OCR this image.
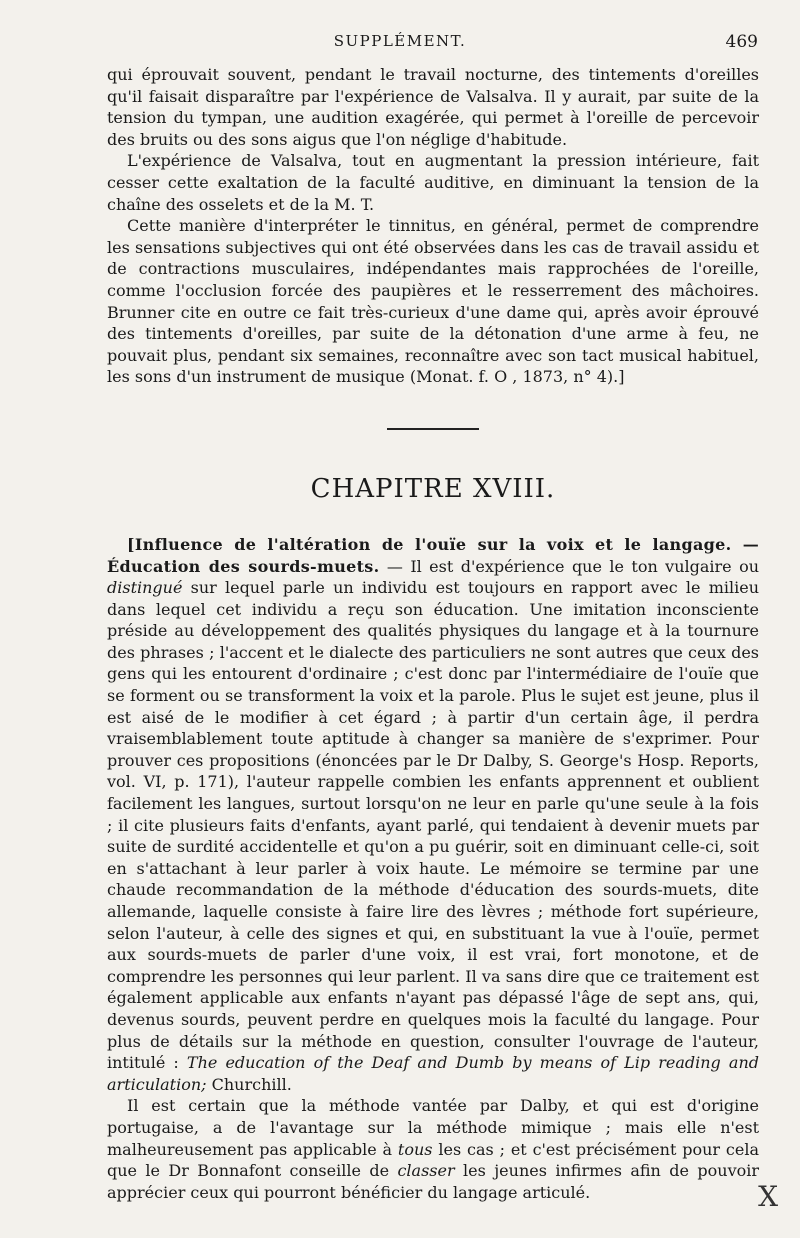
SUPPLÉMENT.	469

qui éprouvait souvent, pendant le travail nocturne, des tintements d'oreilles qu'il faisait disparaître par l'expérience de Valsalva. Il y aurait, par suite de la tension du tympan, une audition exagérée, qui permet à l'oreille de percevoir des bruits ou des sons aigus que l'on néglige d'habitude.

L'expérience de Valsalva, tout en augmentant la pression intérieure, fait cesser cette exaltation de la faculté auditive, en diminuant la tension de la chaîne des osselets et de la M. T.

Cette manière d'interpréter le tinnitus, en général, permet de comprendre les sensations subjectives qui ont été observées dans les cas de travail assidu et de contractions musculaires, indépendantes mais rapprochées de l'oreille, comme l'occlusion forcée des paupières et le resserrement des mâchoires. Brunner cite en outre ce fait très-curieux d'une dame qui, après avoir éprouvé des tintements d'oreilles, par suite de la détonation d'une arme à feu, ne pouvait plus, pendant six semaines, reconnaître avec son tact musical habituel, les sons d'un instrument de musique (Monat. f. O , 1873, n° 4).]

CHAPITRE XVIII.

[Influence de l'altération de l'ouïe sur la voix et le langage. — Éducation des sourds-muets. — Il est d'expérience que le ton vulgaire ou distingué sur lequel parle un individu est toujours en rapport avec le milieu dans lequel cet individu a reçu son éducation. Une imitation inconsciente préside au développement des qualités physiques du langage et à la tournure des phrases ; l'accent et le dialecte des particuliers ne sont autres que ceux des gens qui les entourent d'ordinaire ; c'est donc par l'intermédiaire de l'ouïe que se forment ou se transforment la voix et la parole. Plus le sujet est jeune, plus il est aisé de le modifier à cet égard ; à partir d'un certain âge, il perdra vraisemblablement toute aptitude à changer sa manière de s'exprimer. Pour prouver ces propositions (énoncées par le Dr Dalby, S. George's Hosp. Reports, vol. VI, p. 171), l'auteur rappelle combien les enfants apprennent et oublient facilement les langues, surtout lorsqu'on ne leur en parle qu'une seule à la fois ; il cite plusieurs faits d'enfants, ayant parlé, qui tendaient à devenir muets par suite de surdité accidentelle et qu'on a pu guérir, soit en diminuant celle-ci, soit en s'attachant à leur parler à voix haute. Le mémoire se termine par une chaude recommandation de la méthode d'éducation des sourds-muets, dite allemande, laquelle consiste à faire lire des lèvres ; méthode fort supérieure, selon l'auteur, à celle des signes et qui, en substituant la vue à l'ouïe, permet aux sourds-muets de parler d'une voix, il est vrai, fort monotone, et de comprendre les personnes qui leur parlent. Il va sans dire que ce traitement est également applicable aux enfants n'ayant pas dépassé l'âge de sept ans, qui, devenus sourds, peuvent perdre en quelques mois la faculté du langage. Pour plus de détails sur la méthode en question, consulter l'ouvrage de l'auteur, intitulé : The education of the Deaf and Dumb by means of Lip reading and articulation; Churchill.

Il est certain que la méthode vantée par Dalby, et qui est d'origine portugaise, a de l'avantage sur la méthode mimique ; mais elle n'est malheureusement pas applicable à tous les cas ; et c'est précisément pour cela que le Dr Bonnafont conseille de classer les jeunes infirmes afin de pouvoir apprécier ceux qui pourront bénéficier du langage articulé.	X
